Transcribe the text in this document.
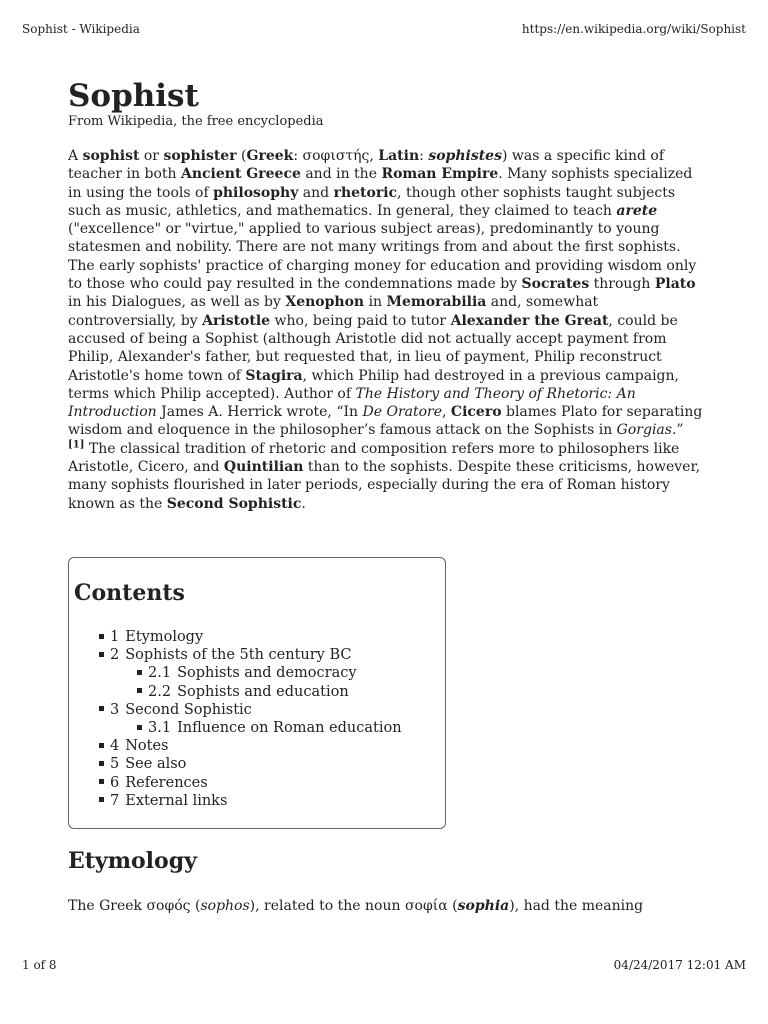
Sophist - Wikipedia	https://en.wikipedia.org/wiki/Sophist
Sophist
From Wikipedia, the free encyclopedia

A sophist or sophister (Greek: σοφιστής, Latin: sophistes) was a specific kind of teacher in both Ancient Greece and in the Roman Empire. Many sophists specialized in using the tools of philosophy and rhetoric, though other sophists taught subjects such as music, athletics, and mathematics. In general, they claimed to teach arete ("excellence" or "virtue," applied to various subject areas), predominantly to young statesmen and nobility. There are not many writings from and about the first sophists. The early sophists' practice of charging money for education and providing wisdom only to those who could pay resulted in the condemnations made by Socrates through Plato in his Dialogues, as well as by Xenophon in Memorabilia and, somewhat controversially, by Aristotle who, being paid to tutor Alexander the Great, could be accused of being a Sophist (although Aristotle did not actually accept payment from Philip, Alexander's father, but requested that, in lieu of payment, Philip reconstruct Aristotle's home town of Stagira, which Philip had destroyed in a previous campaign, terms which Philip accepted). Author of The History and Theory of Rhetoric: An Introduction James A. Herrick wrote, “In De Oratore, Cicero blames Plato for separating wisdom and eloquence in the philosopher’s famous attack on the Sophists in Gorgias.” [1] The classical tradition of rhetoric and composition refers more to philosophers like Aristotle, Cicero, and Quintilian than to the sophists. Despite these criticisms, however, many sophists flourished in later periods, especially during the era of Roman history known as the Second Sophistic.

Contents
1 Etymology
2 Sophists of the 5th century BC
2.1 Sophists and democracy
2.2 Sophists and education
3 Second Sophistic
3.1 Influence on Roman education
4 Notes
5 See also
6 References
7 External links
Etymology

The Greek σοφός (sophos), related to the noun σοφία (sophia), had the meaning

1 of 8	04/24/2017 12:01 AM
